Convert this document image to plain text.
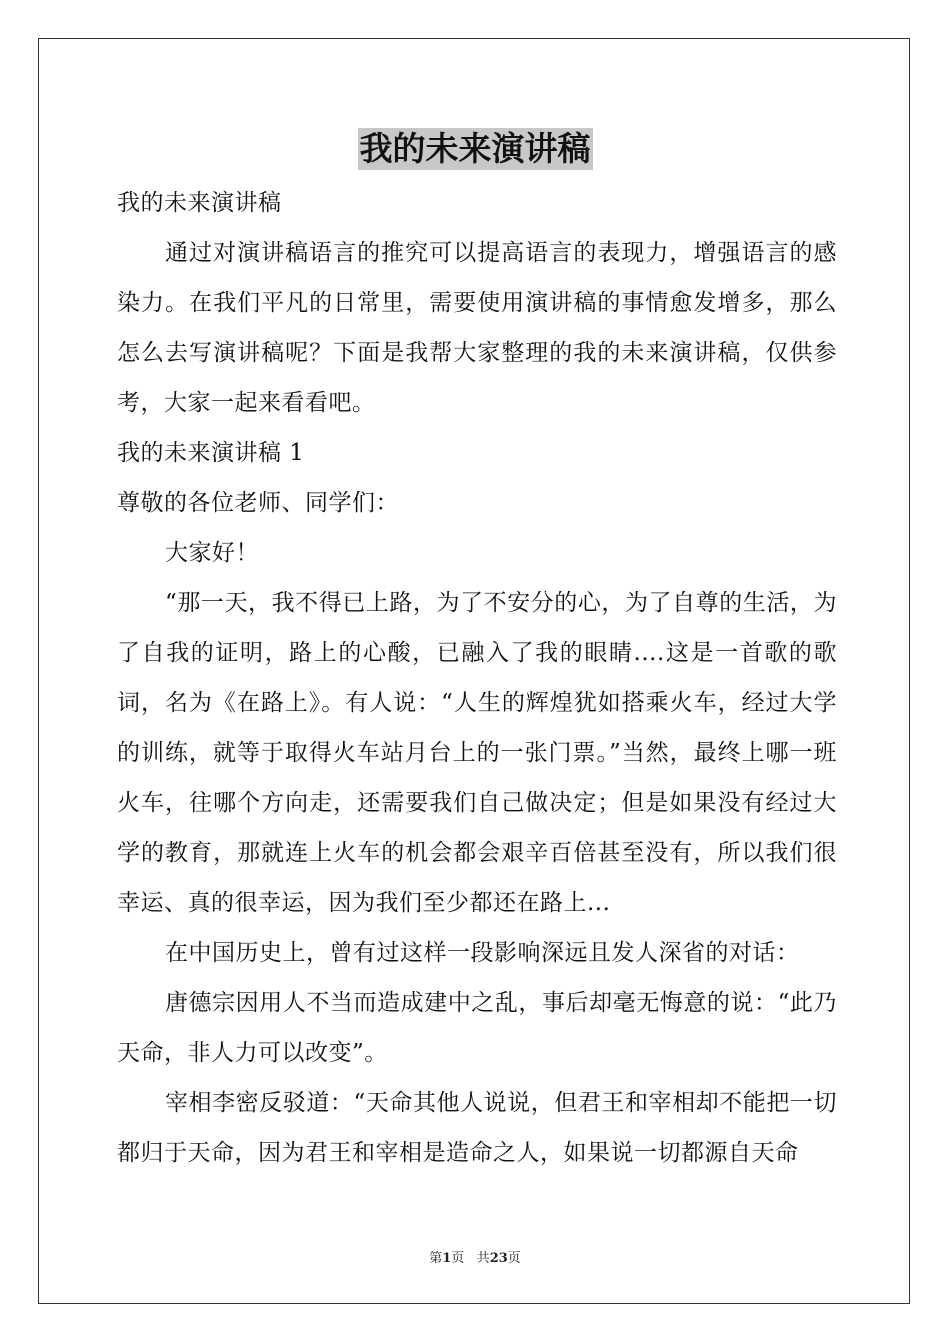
我的未来演讲稿

我的未来演讲稿

通过对演讲稿语言的推究可以提高语言的表现力，增强语言的感染力。在我们平凡的日常里，需要使用演讲稿的事情愈发增多，那么怎么去写演讲稿呢？下面是我帮大家整理的我的未来演讲稿，仅供参考，大家一起来看看吧。

我的未来演讲稿 1

尊敬的各位老师、同学们：

大家好！

“那一天，我不得已上路，为了不安分的心，为了自尊的生活，为了自我的证明，路上的心酸，已融入了我的眼睛....这是一首歌的歌词，名为《在路上》。有人说：“人生的辉煌犹如搭乘火车，经过大学的训练，就等于取得火车站月台上的一张门票。”当然，最终上哪一班火车，往哪个方向走，还需要我们自己做决定；但是如果没有经过大学的教育，那就连上火车的机会都会艰辛百倍甚至没有，所以我们很幸运、真的很幸运，因为我们至少都还在路上...

在中国历史上，曾有过这样一段影响深远且发人深省的对话：

唐德宗因用人不当而造成建中之乱，事后却毫无悔意的说：“此乃天命，非人力可以改变”。

宰相李密反驳道：“天命其他人说说，但君王和宰相却不能把一切都归于天命，因为君王和宰相是造命之人，如果说一切都源自天命

第1页 共23页
